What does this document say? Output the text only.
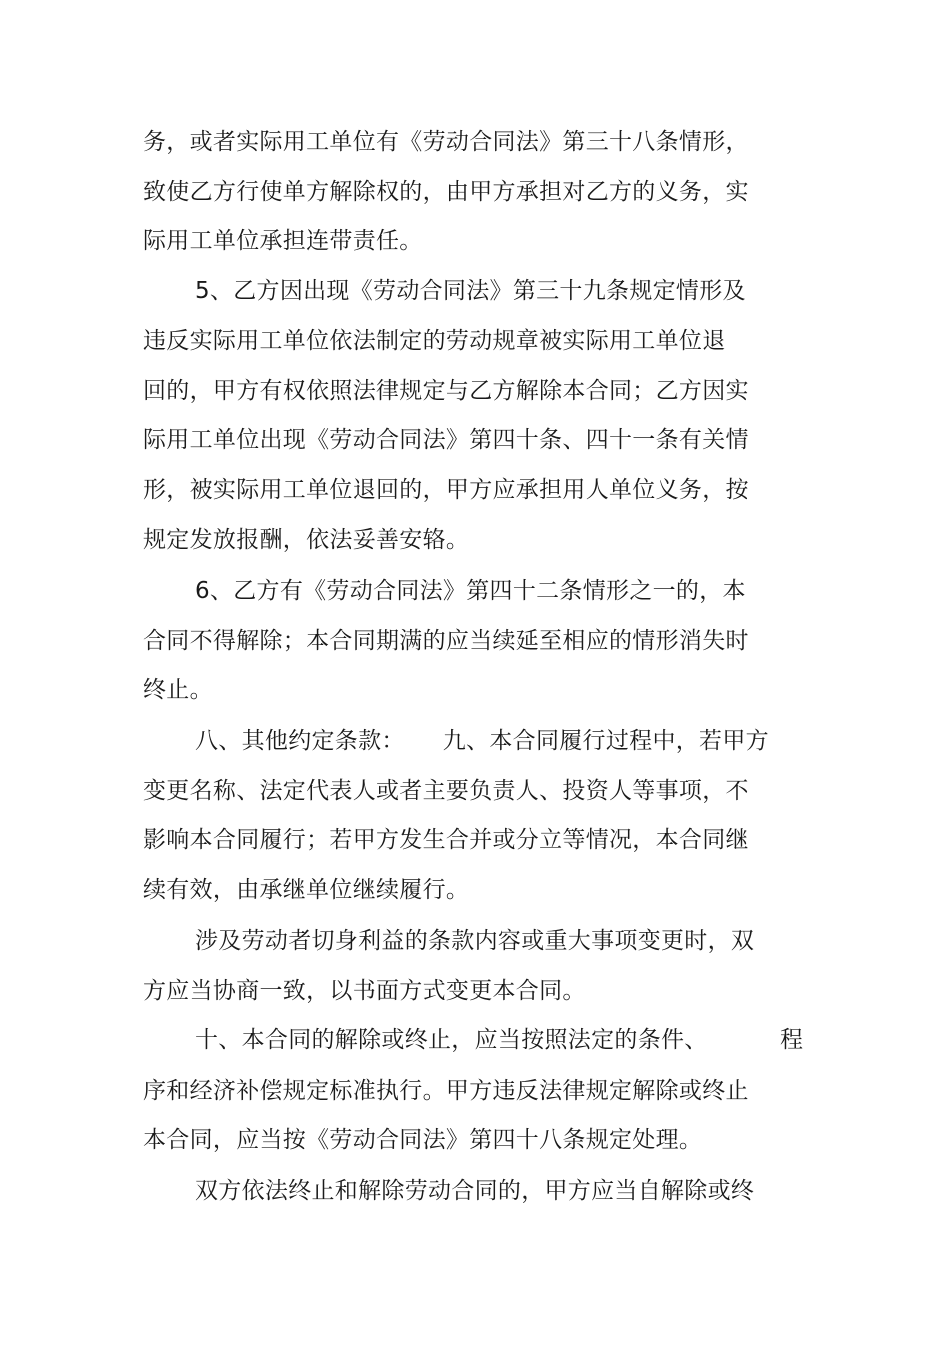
务，或者实际用工单位有《劳动合同法》第三十八条情形，
致使乙方行使单方解除权的，由甲方承担对乙方的义务，实
际用工单位承担连带责任。
5、乙方因出现《劳动合同法》第三十九条规定情形及
违反实际用工单位依法制定的劳动规章被实际用工单位退
回的，甲方有权依照法律规定与乙方解除本合同；乙方因实
际用工单位出现《劳动合同法》第四十条、四十一条有关情
形，被实际用工单位退回的，甲方应承担用人单位义务，按
规定发放报酬，依法妥善安辂。
6、乙方有《劳动合同法》第四十二条情形之一的，本
合同不得解除；本合同期满的应当续延至相应的情形消失时
终止。
八、其他约定条款：     九、本合同履行过程中，若甲方
变更名称、法定代表人或者主要负责人、投资人等事项，不
影响本合同履行；若甲方发生合并或分立等情况，本合同继
续有效，由承继单位继续履行。
涉及劳动者切身利益的条款内容或重大事项变更时，双
方应当协商一致，以书面方式变更本合同。
十、本合同的解除或终止，应当按照法定的条件、	程
序和经济补偿规定标准执行。甲方违反法律规定解除或终止
本合同，应当按《劳动合同法》第四十八条规定处理。
双方依法终止和解除劳动合同的，甲方应当自解除或终
